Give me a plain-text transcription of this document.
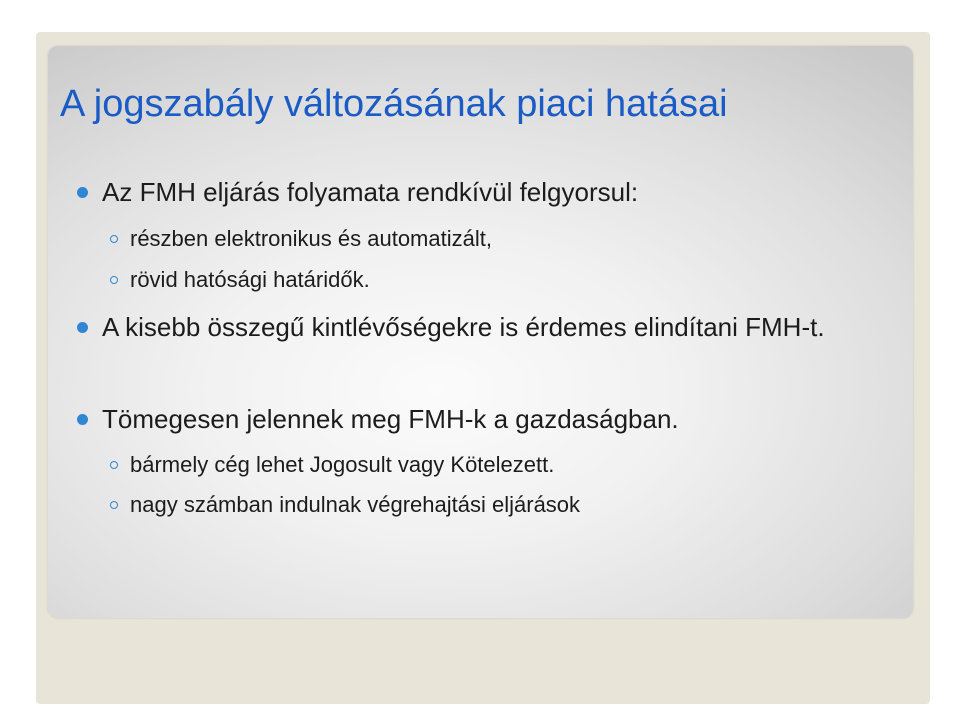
A jogszabály változásának piaci hatásai
Az FMH eljárás folyamata rendkívül felgyorsul:
részben elektronikus és automatizált,
rövid hatósági határidők.
A kisebb összegű kintlévőségekre is érdemes elindítani FMH-t.
Tömegesen jelennek meg FMH-k a gazdaságban.
bármely cég lehet Jogosult vagy Kötelezett.
nagy számban indulnak végrehajtási eljárások
